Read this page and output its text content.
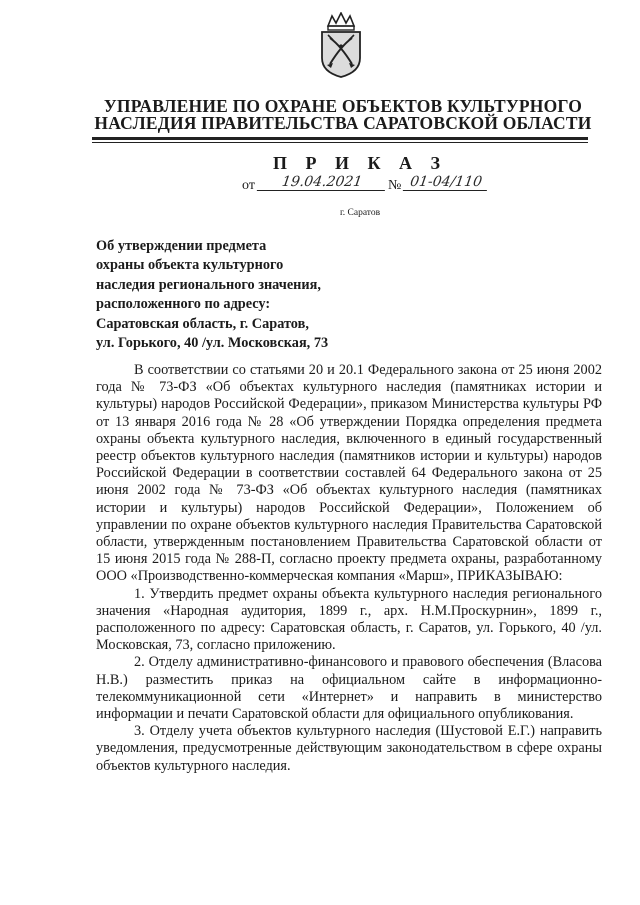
УПРАВЛЕНИЕ ПО ОХРАНЕ ОБЪЕКТОВ КУЛЬТУРНОГО
НАСЛЕДИЯ ПРАВИТЕЛЬСТВА САРАТОВСКОЙ ОБЛАСТИ
П Р И К А З
от	19.04.2021	№ 01-04/110
г. Саратов
Об утверждении предмета
охраны объекта культурного
наследия регионального значения,
расположенного по адресу:
Саратовская область, г. Саратов,
ул. Горького, 40 /ул. Московская, 73
В соответствии со статьями 20 и 20.1 Федерального закона от 25 июня 2002 года № 73-ФЗ «Об объектах культурного наследия (памятниках истории и культуры) народов Российской Федерации», приказом Министерства культуры РФ от 13 января 2016 года № 28 «Об утверждении Порядка определения предмета охраны объекта культурного наследия, включенного в единый государственный реестр объектов культурного наследия (памятников истории и культуры) народов Российской Федерации в соответствии составлей 64 Федерального закона от 25 июня 2002 года № 73-ФЗ «Об объектах культурного наследия (памятниках истории и культуры) народов Российской Федерации», Положением об управлении по охране объектов культурного наследия Правительства Саратовской области, утвержденным постановлением Правительства Саратовской области от 15 июня 2015 года № 288-П, согласно проекту предмета охраны, разработанному ООО «Производственно-коммерческая компания «Марш», ПРИКАЗЫВАЮ:
1. Утвердить предмет охраны объекта культурного наследия регионального значения «Народная аудитория, 1899 г., арх. Н.М.Проскурнин», 1899 г., расположенного по адресу: Саратовская область, г. Саратов, ул. Горького, 40 /ул. Московская, 73, согласно приложению.
2. Отделу административно-финансового и правового обеспечения (Власова Н.В.) разместить приказ на официальном сайте в информационно-телекоммуникационной сети «Интернет» и направить в министерство информации и печати Саратовской области для официального опубликования.
3. Отделу учета объектов культурного наследия (Шустовой Е.Г.) направить уведомления, предусмотренные действующим законодательством в сфере охраны объектов культурного наследия.
